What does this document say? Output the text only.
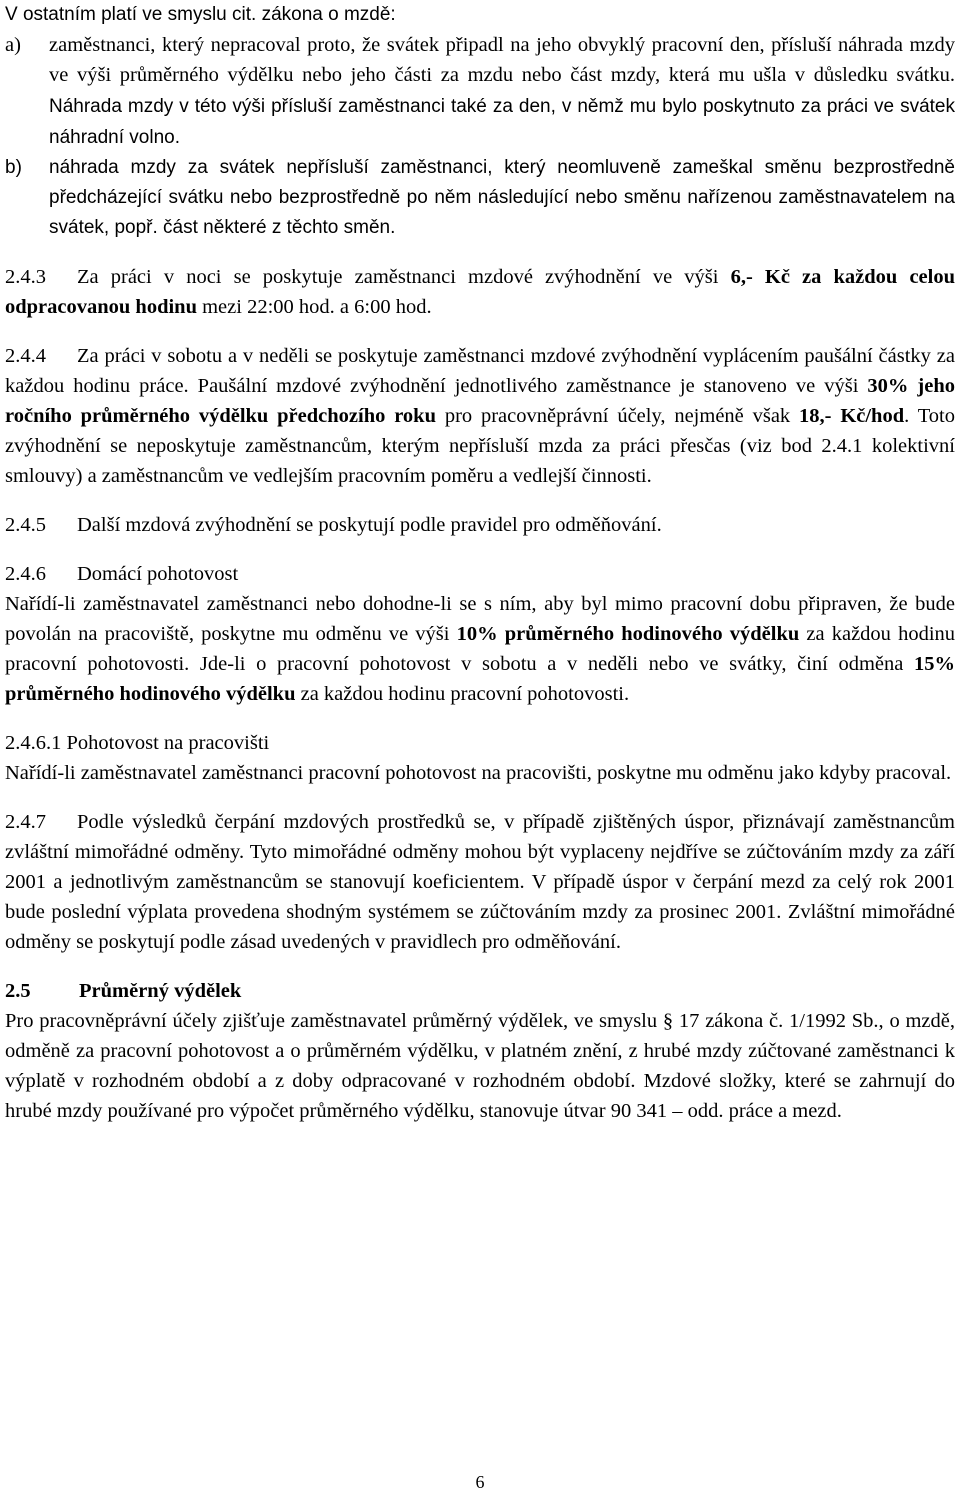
V ostatním platí ve smyslu cit. zákona o mzdě:

a)	zaměstnanci, který nepracoval proto, že svátek připadl na jeho obvyklý pracovní den, přísluší náhrada mzdy ve výši průměrného výdělku nebo jeho části za mzdu nebo část mzdy, která mu ušla v důsledku svátku. Náhrada mzdy v této výši přísluší zaměstnanci také za den, v němž mu bylo poskytnuto za práci ve svátek náhradní volno.
b)	náhrada mzdy za svátek nepřísluší zaměstnanci, který neomluveně zameškal směnu bezprostředně předcházející svátku nebo bezprostředně po něm následující nebo směnu nařízenou zaměstnavatelem na svátek, popř. část některé z těchto směn.

2.4.3 Za práci v noci se poskytuje zaměstnanci mzdové zvýhodnění ve výši 6,- Kč za každou celou odpracovanou hodinu mezi 22:00 hod. a 6:00 hod.

2.4.4 Za práci v sobotu a v neděli se poskytuje zaměstnanci mzdové zvýhodnění vyplácením paušální částky za každou hodinu práce. Paušální mzdové zvýhodnění jednotlivého zaměstnance je stanoveno ve výši 30% jeho ročního průměrného výdělku předchozího roku pro pracovněprávní účely, nejméně však 18,- Kč/hod. Toto zvýhodnění se neposkytuje zaměstnancům, kterým nepřísluší mzda za práci přesčas (viz bod 2.4.1 kolektivní smlouvy) a zaměstnancům ve vedlejším pracovním poměru a vedlejší činnosti.

2.4.5 Další mzdová zvýhodnění se poskytují podle pravidel pro odměňování.

2.4.6 Domácí pohotovost

Nařídí-li zaměstnavatel zaměstnanci nebo dohodne-li se s ním, aby byl mimo pracovní dobu připraven, že bude povolán na pracoviště, poskytne mu odměnu ve výši 10% průměrného hodinového výdělku za každou hodinu pracovní pohotovosti. Jde-li o pracovní pohotovost v sobotu a v neděli nebo ve svátky, činí odměna 15% průměrného hodinového výdělku za každou hodinu pracovní pohotovosti.

2.4.6.1 Pohotovost na pracovišti

Nařídí-li zaměstnavatel zaměstnanci pracovní pohotovost na pracovišti, poskytne mu odměnu jako kdyby pracoval.

2.4.7 Podle výsledků čerpání mzdových prostředků se, v případě zjištěných úspor, přiznávají zaměstnancům zvláštní mimořádné odměny. Tyto mimořádné odměny mohou být vyplaceny nejdříve se zúčtováním mzdy za září 2001 a jednotlivým zaměstnancům se stanovují koeficientem. V případě úspor v čerpání mezd za celý rok 2001 bude poslední výplata provedena shodným systémem se zúčtováním mzdy za prosinec 2001. Zvláštní mimořádné odměny se poskytují podle zásad uvedených v pravidlech pro odměňování.

2.5 Průměrný výdělek

Pro pracovněprávní účely zjišťuje zaměstnavatel průměrný výdělek, ve smyslu § 17 zákona č. 1/1992 Sb., o mzdě, odměně za pracovní pohotovost a o průměrném výdělku, v platném znění, z hrubé mzdy zúčtované zaměstnanci k výplatě v rozhodném období a z doby odpracované v rozhodném období. Mzdové složky, které se zahrnují do hrubé mzdy používané pro výpočet průměrného výdělku, stanovuje útvar 90 341 – odd. práce a mezd.

6
